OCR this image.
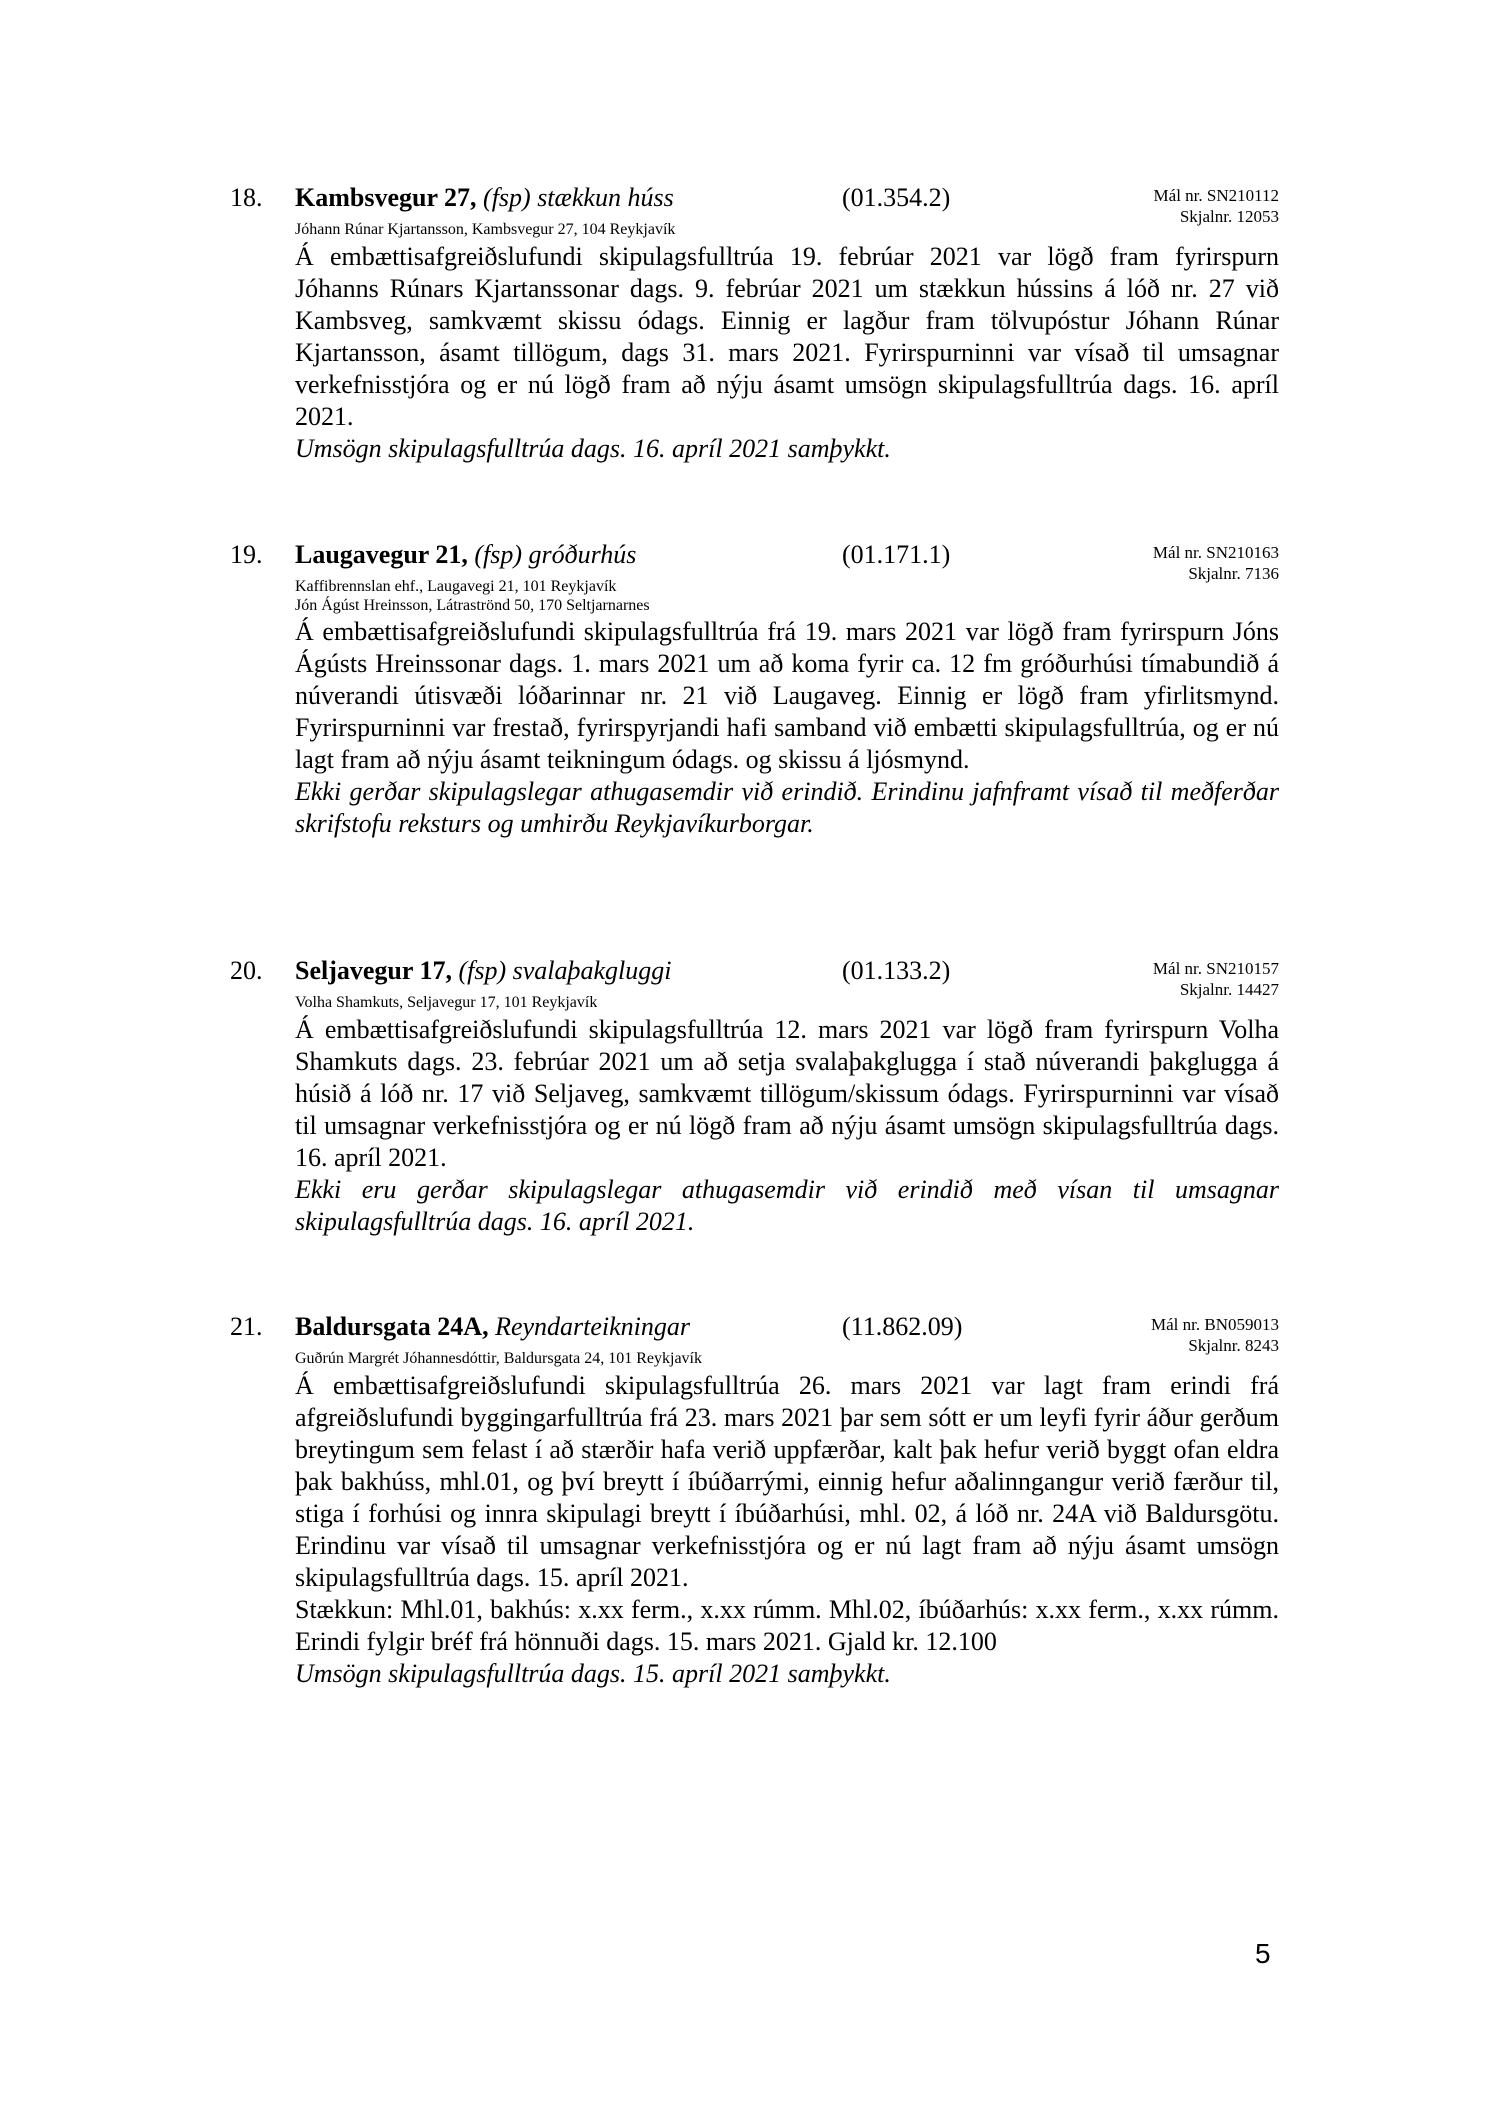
18. Kambsvegur 27, (fsp) stækkun húss	(01.354.2)	Mál nr. SN210112
Skjalnr. 12053
Jóhann Rúnar Kjartansson, Kambsvegur 27, 104 Reykjavík

Á embættisafgreiðslufundi skipulagsfulltrúa 19. febrúar 2021 var lögð fram fyrirspurn Jóhanns Rúnars Kjartanssonar dags. 9. febrúar 2021 um stækkun hússins á lóð nr. 27 við Kambsveg, samkvæmt skissu ódags. Einnig er lagður fram tölvupóstur Jóhann Rúnar Kjartansson, ásamt tillögum, dags 31. mars 2021. Fyrirspurninni var vísað til umsagnar verkefnisstjóra og er nú lögð fram að nýju ásamt umsögn skipulagsfulltrúa dags. 16. apríl 2021.

Umsögn skipulagsfulltrúa dags. 16. apríl 2021 samþykkt.

19. Laugavegur 21, (fsp) gróðurhús	(01.171.1)	Mál nr. SN210163
Skjalnr. 7136
Kaffibrennslan ehf., Laugavegi 21, 101 Reykjavík
Jón Ágúst Hreinsson, Látraströnd 50, 170 Seltjarnarnes

Á embættisafgreiðslufundi skipulagsfulltrúa frá 19. mars 2021 var lögð fram fyrirspurn Jóns Ágústs Hreinssonar dags. 1. mars 2021 um að koma fyrir ca. 12 fm gróðurhúsi tímabundið á núverandi útisvæði lóðarinnar nr. 21 við Laugaveg. Einnig er lögð fram yfirlitsmynd. Fyrirspurninni var frestað, fyrirspyrjandi hafi samband við embætti skipulagsfulltrúa, og er nú lagt fram að nýju ásamt teikningum ódags. og skissu á ljósmynd.

Ekki gerðar skipulagslegar athugasemdir við erindið. Erindinu jafnframt vísað til meðferðar skrifstofu reksturs og umhirðu Reykjavíkurborgar.

20. Seljavegur 17, (fsp) svalaþakgluggi	(01.133.2)	Mál nr. SN210157
Skjalnr. 14427
Volha Shamkuts, Seljavegur 17, 101 Reykjavík

Á embættisafgreiðslufundi skipulagsfulltrúa 12. mars 2021 var lögð fram fyrirspurn Volha Shamkuts dags. 23. febrúar 2021 um að setja svalaþakglugga í stað núverandi þakglugga á húsið á lóð nr. 17 við Seljaveg, samkvæmt tillögum/skissum ódags. Fyrirspurninni var vísað til umsagnar verkefnisstjóra og er nú lögð fram að nýju ásamt umsögn skipulagsfulltrúa dags. 16. apríl 2021.

Ekki eru gerðar skipulagslegar athugasemdir við erindið með vísan til umsagnar skipulagsfulltrúa dags. 16. apríl 2021.

21. Baldursgata 24A, Reyndarteikningar	(11.862.09)	Mál nr. BN059013
Skjalnr. 8243
Guðrún Margrét Jóhannesdóttir, Baldursgata 24, 101 Reykjavík

Á embættisafgreiðslufundi skipulagsfulltrúa 26. mars 2021 var lagt fram erindi frá afgreiðslufundi byggingarfulltrúa frá 23. mars 2021 þar sem sótt er um leyfi fyrir áður gerðum breytingum sem felast í að stærðir hafa verið uppfærðar, kalt þak hefur verið byggt ofan eldra þak bakhúss, mhl.01, og því breytt í íbúðarrými, einnig hefur aðalinngangur verið færður til, stiga í forhúsi og innra skipulagi breytt í íbúðarhúsi, mhl. 02, á lóð nr. 24A við Baldursgötu. Erindinu var vísað til umsagnar verkefnisstjóra og er nú lagt fram að nýju ásamt umsögn skipulagsfulltrúa dags. 15. apríl 2021.

Stækkun: Mhl.01, bakhús: x.xx ferm., x.xx rúmm. Mhl.02, íbúðarhús: x.xx ferm., x.xx rúmm. Erindi fylgir bréf frá hönnuði dags. 15. mars 2021. Gjald kr. 12.100

Umsögn skipulagsfulltrúa dags. 15. apríl 2021 samþykkt.

5
